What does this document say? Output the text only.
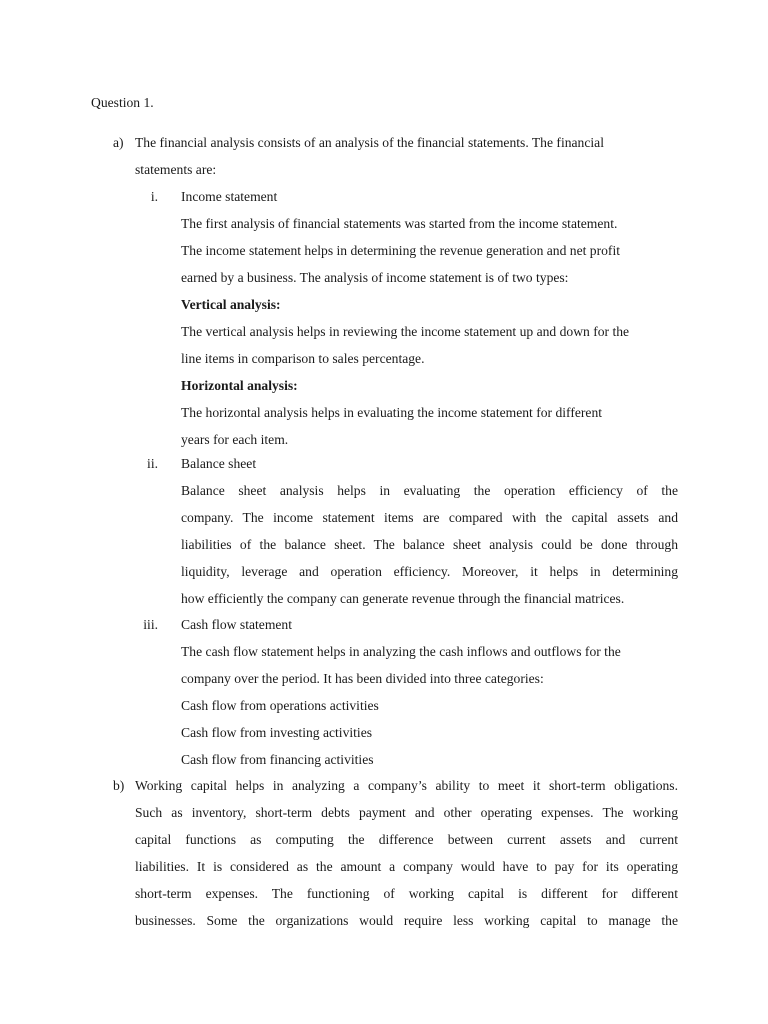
Question 1.
a) The financial analysis consists of an analysis of the financial statements. The financial
statements are:
i. Income statement
The first analysis of financial statements was started from the income statement.
The income statement helps in determining the revenue generation and net profit
earned by a business. The analysis of income statement is of two types:
Vertical analysis:
The vertical analysis helps in reviewing the income statement up and down for the
line items in comparison to sales percentage.
Horizontal analysis:
The horizontal analysis helps in evaluating the income statement for different
years for each item.
ii. Balance sheet
Balance sheet analysis helps in evaluating the operation efficiency of the
company. The income statement items are compared with the capital assets and
liabilities of the balance sheet. The balance sheet analysis could be done through
liquidity, leverage and operation efficiency. Moreover, it helps in determining
how efficiently the company can generate revenue through the financial matrices.
iii. Cash flow statement
The cash flow statement helps in analyzing the cash inflows and outflows for the
company over the period. It has been divided into three categories:
Cash flow from operations activities
Cash flow from investing activities
Cash flow from financing activities
b) Working capital helps in analyzing a company’s ability to meet it short-term obligations.
Such as inventory, short-term debts payment and other operating expenses. The working
capital functions as computing the difference between current assets and current
liabilities. It is considered as the amount a company would have to pay for its operating
short-term expenses. The functioning of working capital is different for different
businesses. Some the organizations would require less working capital to manage the
